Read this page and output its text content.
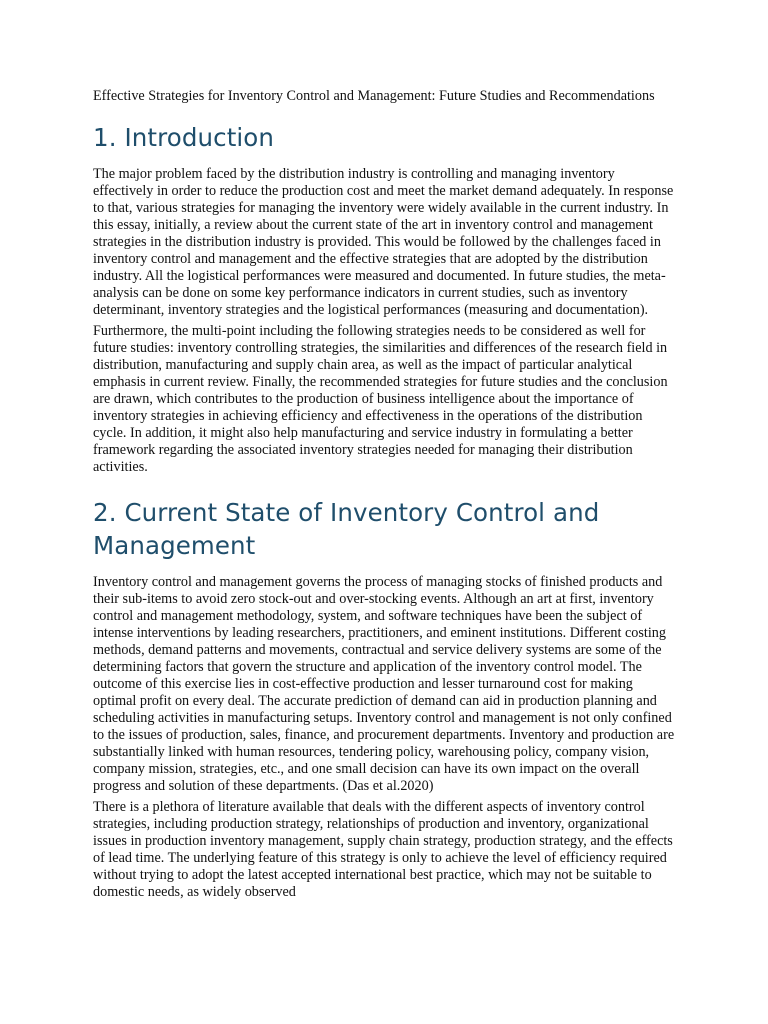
Effective Strategies for Inventory Control and Management: Future Studies and Recommendations
1. Introduction

The major problem faced by the distribution industry is controlling and managing inventory effectively in order to reduce the production cost and meet the market demand adequately. In response to that, various strategies for managing the inventory were widely available in the current industry. In this essay, initially, a review about the current state of the art in inventory control and management strategies in the distribution industry is provided. This would be followed by the challenges faced in inventory control and management and the effective strategies that are adopted by the distribution industry. All the logistical performances were measured and documented. In future studies, the meta-analysis can be done on some key performance indicators in current studies, such as inventory determinant, inventory strategies and the logistical performances (measuring and documentation).

Furthermore, the multi-point including the following strategies needs to be considered as well for future studies: inventory controlling strategies, the similarities and differences of the research field in distribution, manufacturing and supply chain area, as well as the impact of particular analytical emphasis in current review. Finally, the recommended strategies for future studies and the conclusion are drawn, which contributes to the production of business intelligence about the importance of inventory strategies in achieving efficiency and effectiveness in the operations of the distribution cycle. In addition, it might also help manufacturing and service industry in formulating a better framework regarding the associated inventory strategies needed for managing their distribution activities.

2. Current State of Inventory Control and Management

Inventory control and management governs the process of managing stocks of finished products and their sub-items to avoid zero stock-out and over-stocking events. Although an art at first, inventory control and management methodology, system, and software techniques have been the subject of intense interventions by leading researchers, practitioners, and eminent institutions. Different costing methods, demand patterns and movements, contractual and service delivery systems are some of the determining factors that govern the structure and application of the inventory control model. The outcome of this exercise lies in cost-effective production and lesser turnaround cost for making optimal profit on every deal. The accurate prediction of demand can aid in production planning and scheduling activities in manufacturing setups. Inventory control and management is not only confined to the issues of production, sales, finance, and procurement departments. Inventory and production are substantially linked with human resources, tendering policy, warehousing policy, company vision, company mission, strategies, etc., and one small decision can have its own impact on the overall progress and solution of these departments. (Das et al.2020)

There is a plethora of literature available that deals with the different aspects of inventory control strategies, including production strategy, relationships of production and inventory, organizational issues in production inventory management, supply chain strategy, production strategy, and the effects of lead time. The underlying feature of this strategy is only to achieve the level of efficiency required without trying to adopt the latest accepted international best practice, which may not be suitable to domestic needs, as widely observed
